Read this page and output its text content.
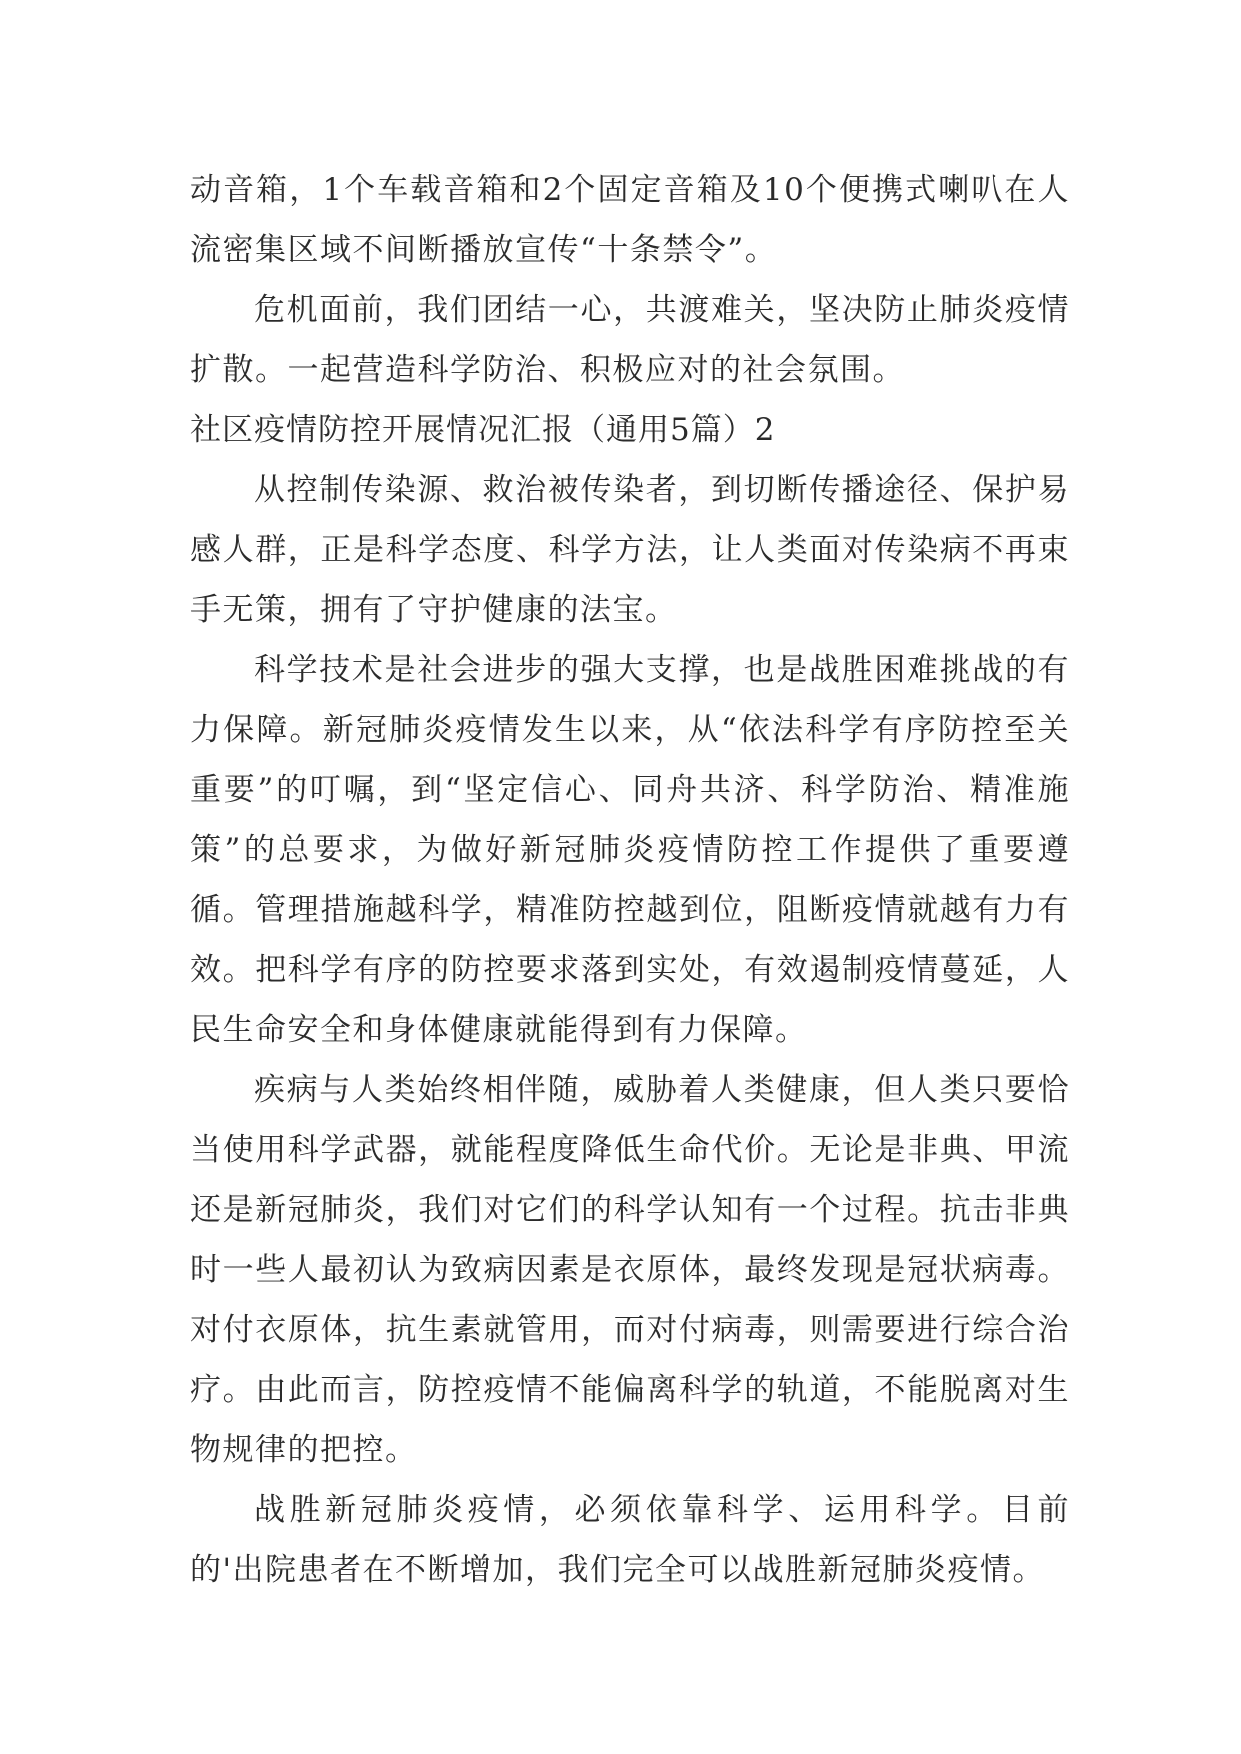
动音箱，1个车载音箱和2个固定音箱及10个便携式喇叭在人流密集区域不间断播放宣传“十条禁令”。

危机面前，我们团结一心，共渡难关，坚决防止肺炎疫情扩散。一起营造科学防治、积极应对的社会氛围。

社区疫情防控开展情况汇报（通用5篇）2

从控制传染源、救治被传染者，到切断传播途径、保护易感人群，正是科学态度、科学方法，让人类面对传染病不再束手无策，拥有了守护健康的法宝。

科学技术是社会进步的强大支撑，也是战胜困难挑战的有力保障。新冠肺炎疫情发生以来，从“依法科学有序防控至关重要”的叮嘱，到“坚定信心、同舟共济、科学防治、精准施策”的总要求，为做好新冠肺炎疫情防控工作提供了重要遵循。管理措施越科学，精准防控越到位，阻断疫情就越有力有效。把科学有序的防控要求落到实处，有效遏制疫情蔓延，人民生命安全和身体健康就能得到有力保障。

疾病与人类始终相伴随，威胁着人类健康，但人类只要恰当使用科学武器，就能程度降低生命代价。无论是非典、甲流还是新冠肺炎，我们对它们的科学认知有一个过程。抗击非典时一些人最初认为致病因素是衣原体，最终发现是冠状病毒。对付衣原体，抗生素就管用，而对付病毒，则需要进行综合治疗。由此而言，防控疫情不能偏离科学的轨道，不能脱离对生物规律的把控。

战胜新冠肺炎疫情，必须依靠科学、运用科学。目前的'出院患者在不断增加，我们完全可以战胜新冠肺炎疫情。
